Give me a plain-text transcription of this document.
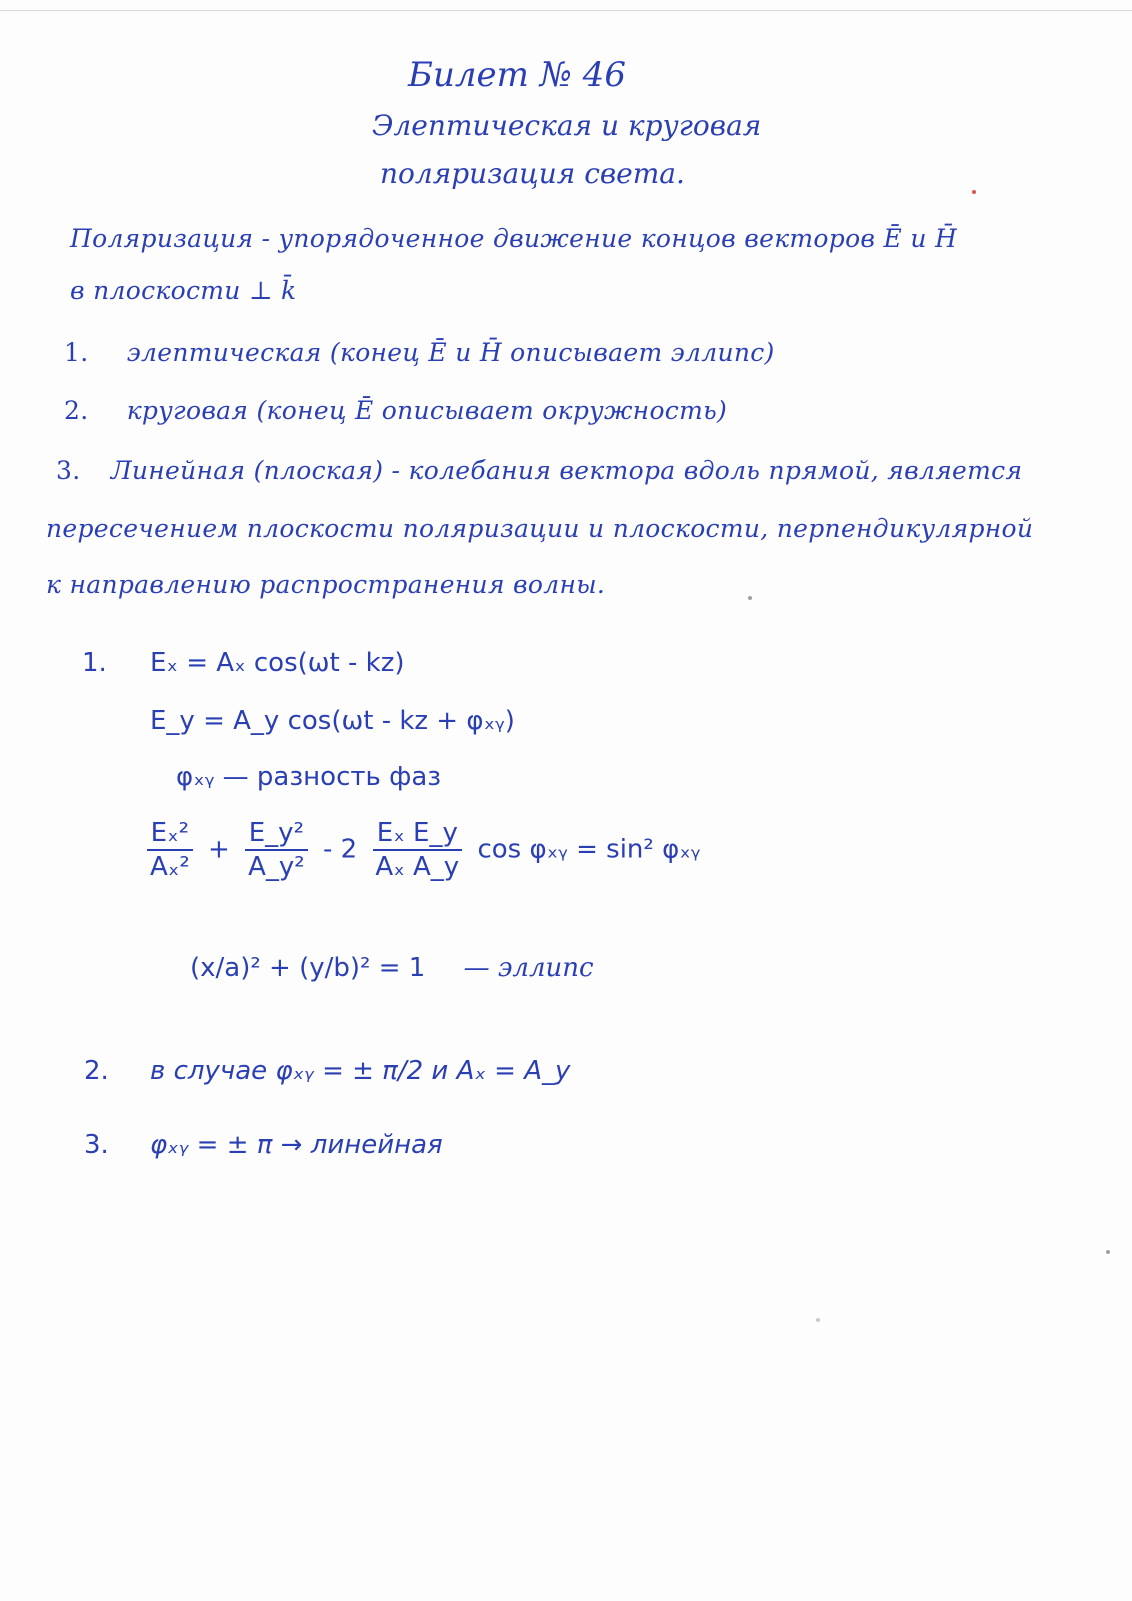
Билет № 46
Элептическая и круговая
поляризация света.
Поляризация - упорядоченное движение концов векторов Ē и H̄
в плоскости ⊥ k̄
1. элептическая (конец Ē и H̄ описывает эллипс)
2. круговая (конец Ē описывает окружность)
3. Линейная (плоская) - колебания вектора вдоль прямой, являетcя
пересечением плоскости поляризации и плоскости, перпендикулярной
к направлению распространения волны.
1. Eₓ = Aₓ cos(ωt - kz)
E_y = A_y cos(ωt - kz + φₓᵧ)
φₓᵧ — разность фаз
$\frac{\text{Eₓ²}}{\text{Aₓ²}} + \frac{\text{E\_y²}}{\text{A\_y²}} - 2 \frac{\text{Eₓ E\_y}}{\text{Aₓ A\_y}}$ cos φₓᵧ = sin² φₓᵧ
(x/a)² + (y/b)² = 1 — эллипс
2. в случае φₓᵧ = ± π/2 и Aₓ = A_y
3. φₓᵧ = ± π → линейная
